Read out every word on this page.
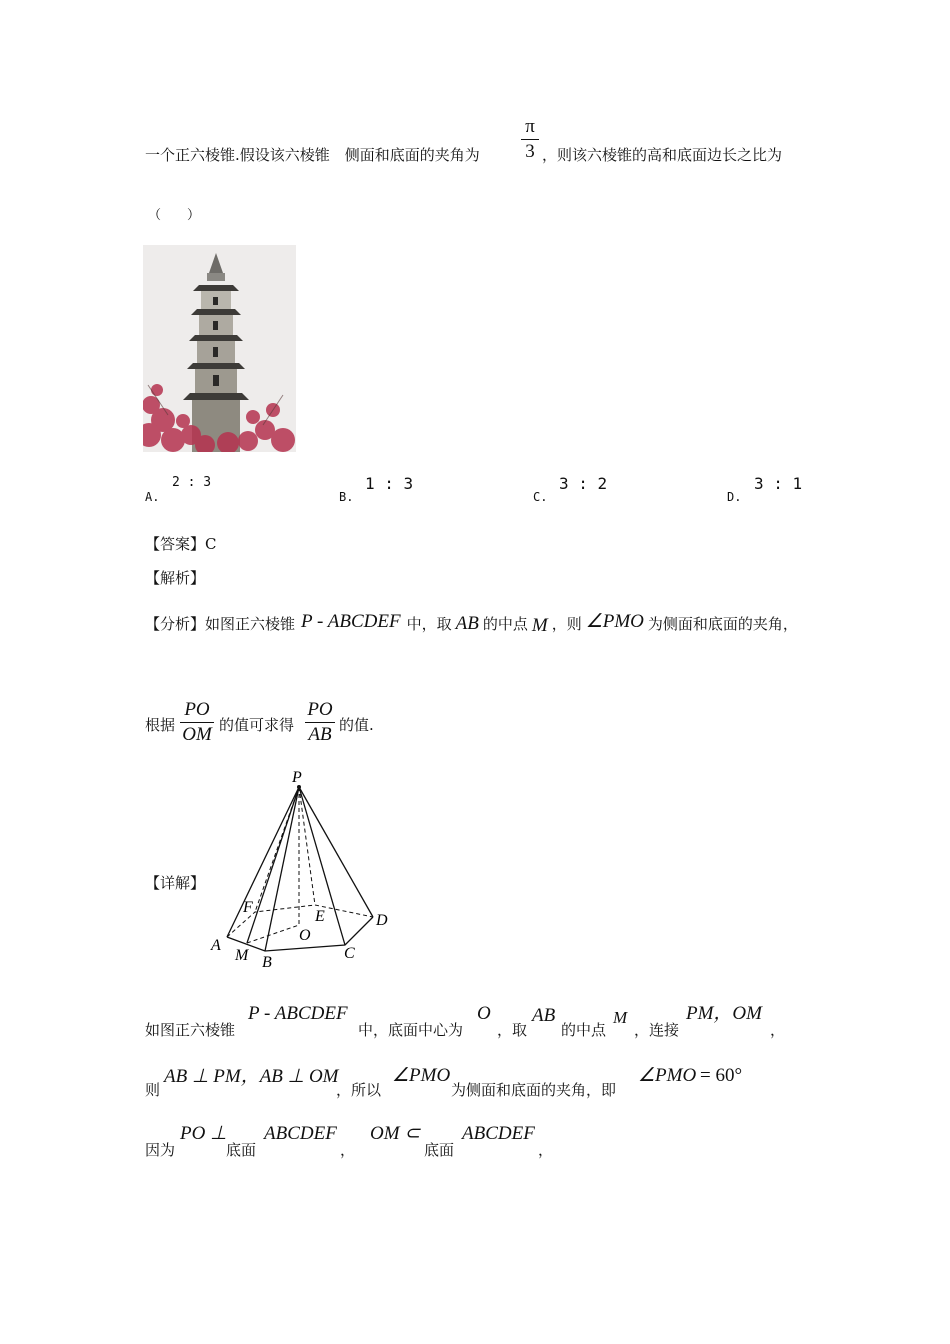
一个正六棱锥.假设该六棱锥　侧面和底面的夹角为
π
3 ，则该六棱锥的高和底面边长之比为
（　　）
A.
2 : 3
B.
1 : 3
C.
3 : 2
D.
3 : 1
【答案】C
【解析】
【分析】如图正六棱锥 P - ABCDEF 中，取 AB 的中点 M ，则 ∠PMO 为侧面和底面的夹角，
根据
PO
OM 的值可求得
PO
AB 的值.
【详解】
P
A
M B
C
D
E
F
O
如图正六棱锥
P - ABCDEF
中，底面中心为
O
，取
AB
的中点
M
，连接
PM，OM
，
则
AB ⊥ PM，AB ⊥ OM
，所以
∠PMO
为侧面和底面的夹角，即
∠PMO = 60°
因为
PO ⊥
底面
ABCDEF
，
OM ⊂
底面
ABCDEF
，
